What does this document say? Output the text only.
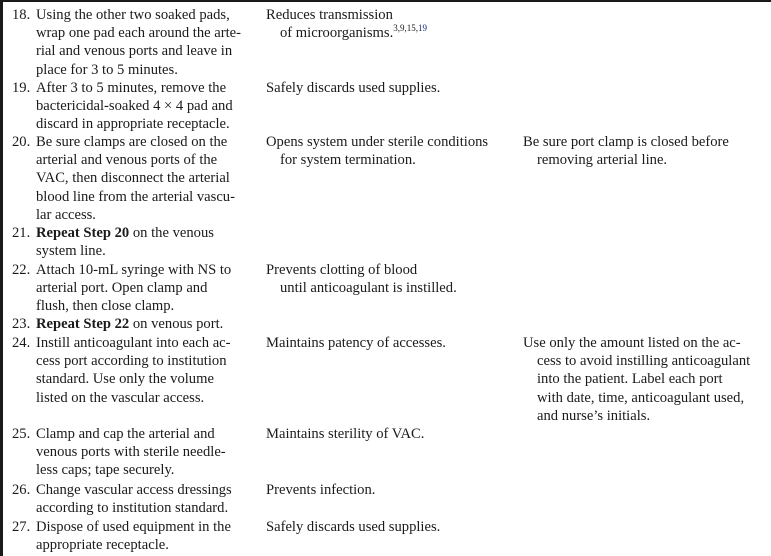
18. Using the other two soaked pads,
wrap one pad each around the arte-
rial and venous ports and leave in
place for 3 to 5 minutes.
Reduces transmission
of microorganisms.$^{3,9,15,19}$
19. After 3 to 5 minutes, remove the
bactericidal-soaked 4 × 4 pad and
discard in appropriate receptacle.
Safely discards used supplies.
20. Be sure clamps are closed on the
arterial and venous ports of the
VAC, then disconnect the arterial
blood line from the arterial vascu-
lar access.
Opens system under sterile conditions
for system termination.
Be sure port clamp is closed before
removing arterial line.
21. Repeat Step 20 on the venous
system line.
22. Attach 10-mL syringe with NS to
arterial port. Open clamp and
flush, then close clamp.
Prevents clotting of blood
until anticoagulant is instilled.
23. Repeat Step 22 on venous port.
24. Instill anticoagulant into each ac-
cess port according to institution
standard. Use only the volume
listed on the vascular access.
Maintains patency of accesses.	Use only the amount listed on the ac-
cess to avoid instilling anticoagulant
into the patient. Label each port
with date, time, anticoagulant used,
and nurse’s initials.
25. Clamp and cap the arterial and
venous ports with sterile needle-
less caps; tape securely.
Maintains sterility of VAC.
26. Change vascular access dressings
according to institution standard.
Prevents infection.
27. Dispose of used equipment in the
appropriate receptacle.
Safely discards used supplies.
